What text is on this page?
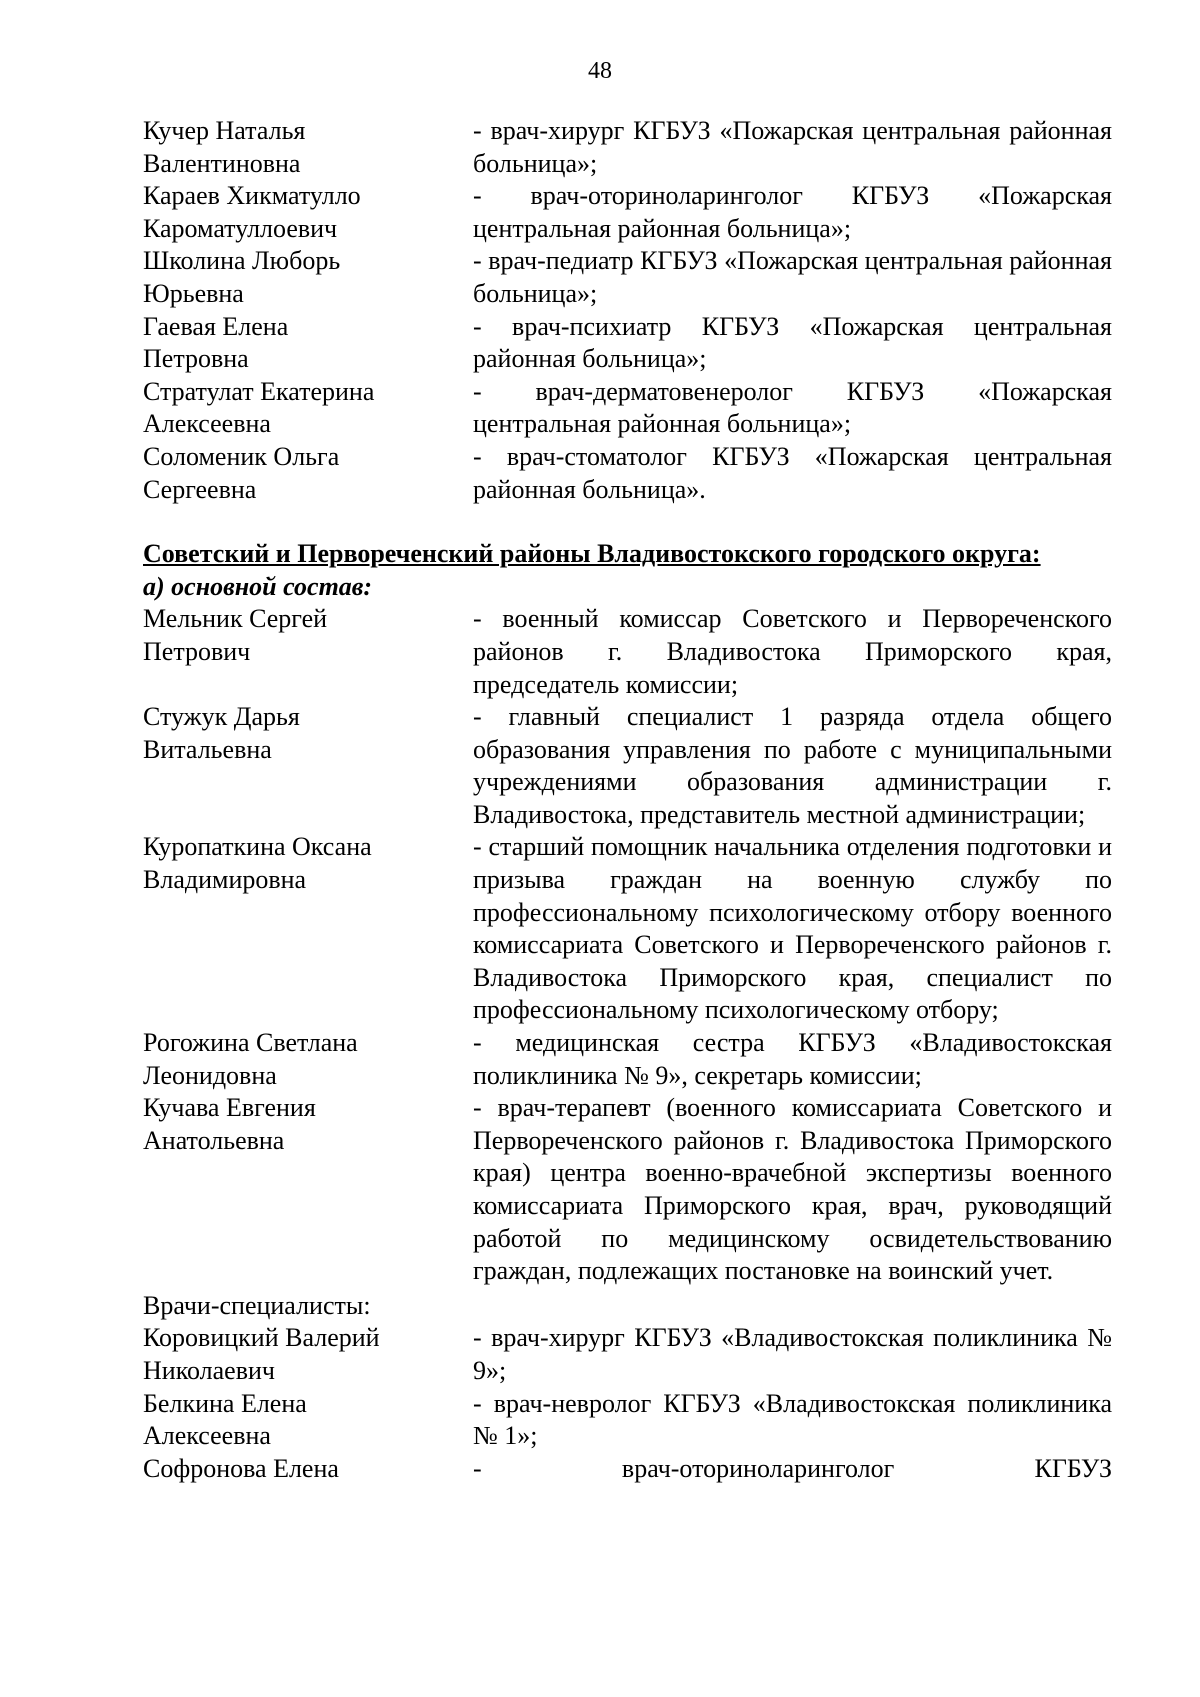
48
Кучер Наталья
Валентиновна
- врач-хирург КГБУЗ «Пожарская центральная районная больница»;
Караев Хикматулло
Кароматуллоевич
- врач-оториноларинголог КГБУЗ «Пожарская центральная районная больница»;
Школина Люборь
Юрьевна
- врач-педиатр КГБУЗ «Пожарская центральная районная больница»;
Гаевая Елена
Петровна
- врач-психиатр КГБУЗ «Пожарская центральная районная больница»;
Стратулат Екатерина
Алексеевна
- врач-дерматовенеролог КГБУЗ «Пожарская центральная районная больница»;
Соломеник Ольга
Сергеевна
- врач-стоматолог КГБУЗ «Пожарская центральная районная больница».
Советский и Первореченский районы Владивостокского городского округа:
а) основной состав:
Мельник Сергей
Петрович
- военный комиссар Советского и Первореченского районов г. Владивостока Приморского края, председатель комиссии;
Стужук Дарья
Витальевна
- главный специалист 1 разряда отдела общего образования управления по работе с муниципальными учреждениями образования администрации г. Владивостока, представитель местной администрации;
Куропаткина Оксана
Владимировна
- старший помощник начальника отделения подготовки и призыва граждан на военную службу по профессиональному психологическому отбору военного комиссариата Советского и Первореченского районов г. Владивостока Приморского края, специалист по профессиональному психологическому отбору;
Рогожина Светлана
Леонидовна
- медицинская сестра КГБУЗ «Владивостокская поликлиника № 9», секретарь комиссии;
Кучава Евгения
Анатольевна
- врач-терапевт (военного комиссариата Советского и Первореченского районов г. Владивостока Приморского края) центра военно-врачебной экспертизы военного комиссариата Приморского края, врач, руководящий работой по медицинскому освидетельствованию граждан, подлежащих постановке на воинский учет.
Врачи-специалисты:
Коровицкий Валерий
Николаевич
- врач-хирург КГБУЗ «Владивостокская поликлиника № 9»;
Белкина Елена
Алексеевна
- врач-невролог КГБУЗ «Владивостокская поликлиника № 1»;
Софронова Елена	- врач-оториноларинголог КГБУЗ
